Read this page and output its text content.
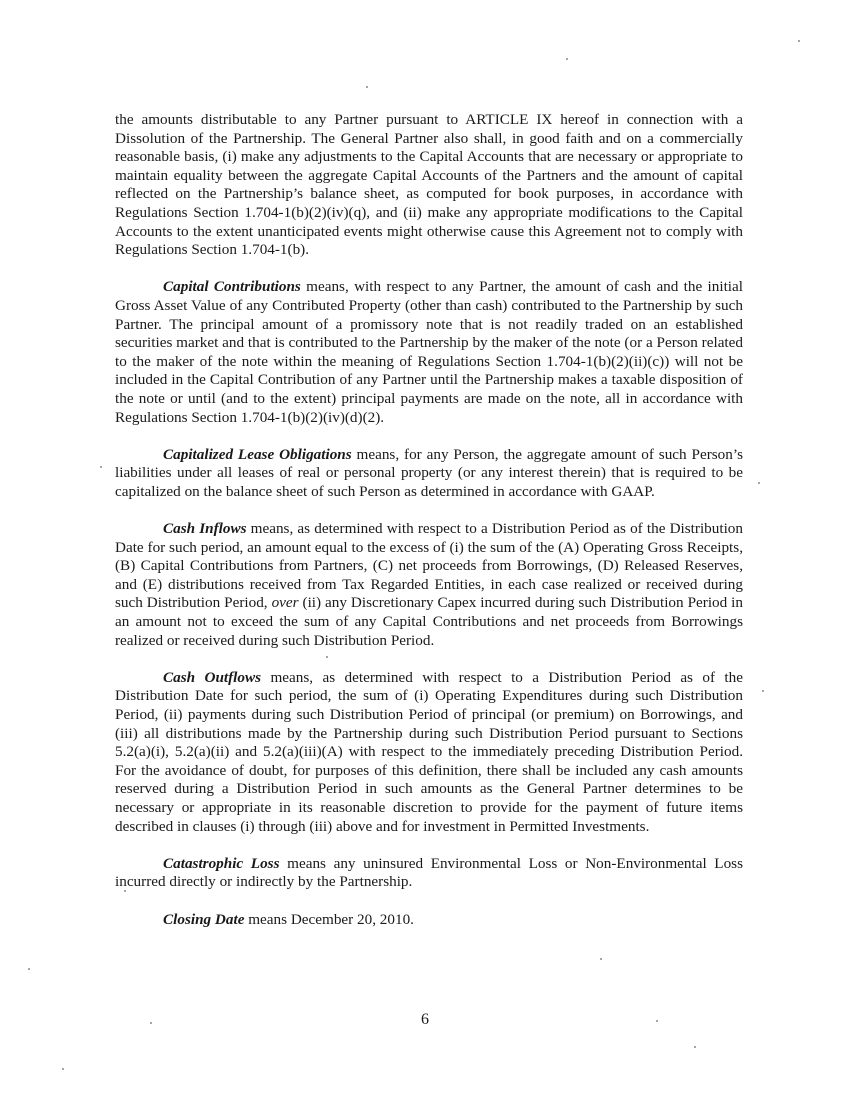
the amounts distributable to any Partner pursuant to ARTICLE IX hereof in connection with a Dissolution of the Partnership. The General Partner also shall, in good faith and on a commercially reasonable basis, (i) make any adjustments to the Capital Accounts that are necessary or appropriate to maintain equality between the aggregate Capital Accounts of the Partners and the amount of capital reflected on the Partnership’s balance sheet, as computed for book purposes, in accordance with Regulations Section 1.704-1(b)(2)(iv)(q), and (ii) make any appropriate modifications to the Capital Accounts to the extent unanticipated events might otherwise cause this Agreement not to comply with Regulations Section 1.704-1(b).

Capital Contributions means, with respect to any Partner, the amount of cash and the initial Gross Asset Value of any Contributed Property (other than cash) contributed to the Partnership by such Partner. The principal amount of a promissory note that is not readily traded on an established securities market and that is contributed to the Partnership by the maker of the note (or a Person related to the maker of the note within the meaning of Regulations Section 1.704-1(b)(2)(ii)(c)) will not be included in the Capital Contribution of any Partner until the Partnership makes a taxable disposition of the note or until (and to the extent) principal payments are made on the note, all in accordance with Regulations Section 1.704-1(b)(2)(iv)(d)(2).

Capitalized Lease Obligations means, for any Person, the aggregate amount of such Person’s liabilities under all leases of real or personal property (or any interest therein) that is required to be capitalized on the balance sheet of such Person as determined in accordance with GAAP.

Cash Inflows means, as determined with respect to a Distribution Period as of the Distribution Date for such period, an amount equal to the excess of (i) the sum of the (A) Operating Gross Receipts, (B) Capital Contributions from Partners, (C) net proceeds from Borrowings, (D) Released Reserves, and (E) distributions received from Tax Regarded Entities, in each case realized or received during such Distribution Period, over (ii) any Discretionary Capex incurred during such Distribution Period in an amount not to exceed the sum of any Capital Contributions and net proceeds from Borrowings realized or received during such Distribution Period.

Cash Outflows means, as determined with respect to a Distribution Period as of the Distribution Date for such period, the sum of (i) Operating Expenditures during such Distribution Period, (ii) payments during such Distribution Period of principal (or premium) on Borrowings, and (iii) all distributions made by the Partnership during such Distribution Period pursuant to Sections 5.2(a)(i), 5.2(a)(ii) and 5.2(a)(iii)(A) with respect to the immediately preceding Distribution Period. For the avoidance of doubt, for purposes of this definition, there shall be included any cash amounts reserved during a Distribution Period in such amounts as the General Partner determines to be necessary or appropriate in its reasonable discretion to provide for the payment of future items described in clauses (i) through (iii) above and for investment in Permitted Investments.

Catastrophic Loss means any uninsured Environmental Loss or Non-Environmental Loss incurred directly or indirectly by the Partnership.

Closing Date means December 20, 2010.

6
